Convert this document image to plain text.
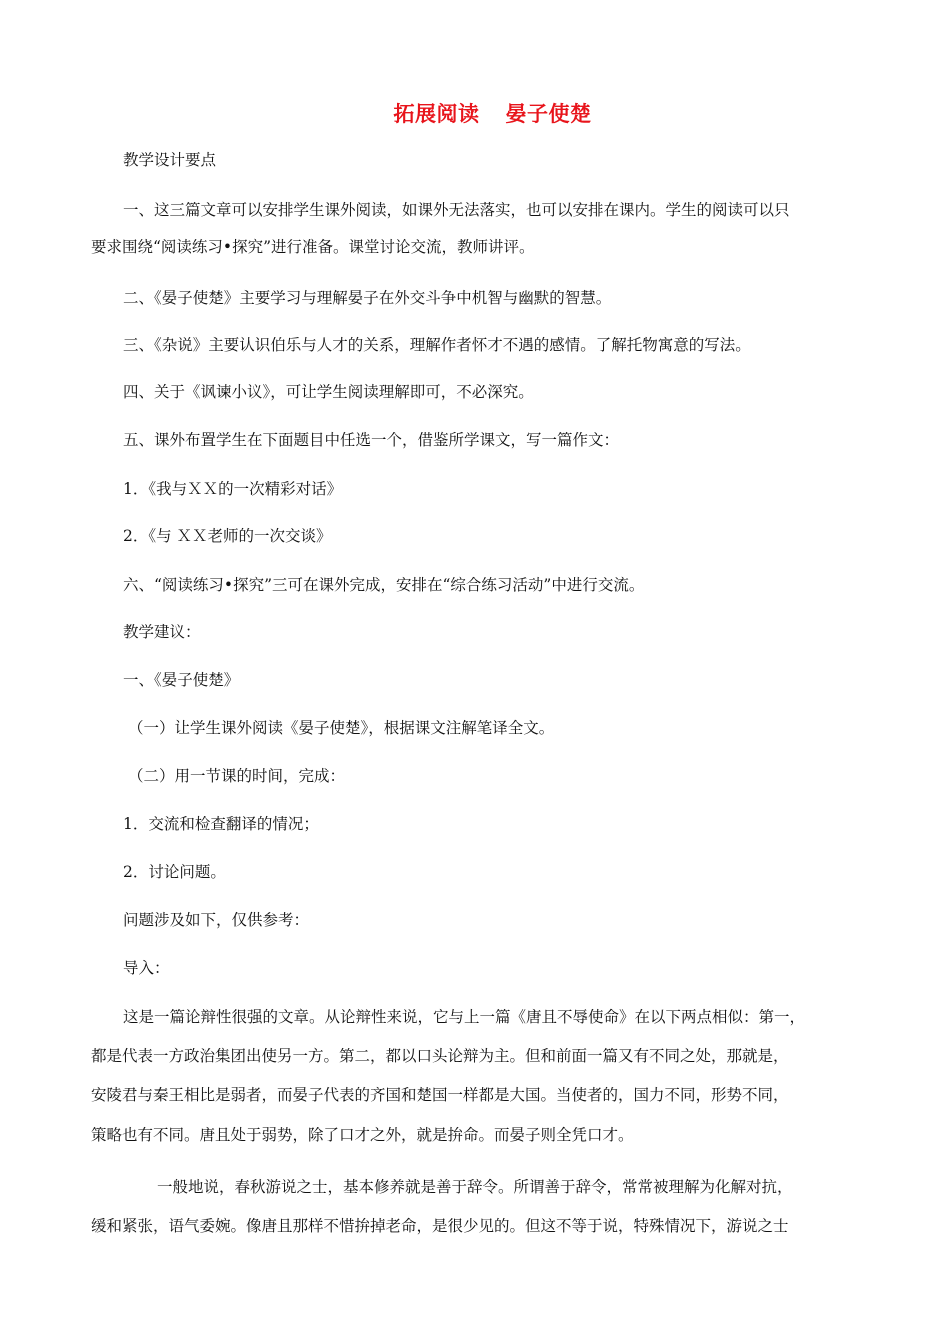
拓展阅读 晏子使楚
教学设计要点
一、这三篇文章可以安排学生课外阅读，如课外无法落实，也可以安排在课内。学生的阅读可以只
要求围绕“阅读练习•探究”进行准备。课堂讨论交流，教师讲评。
二、《晏子使楚》主要学习与理解晏子在外交斗争中机智与幽默的智慧。
三、《杂说》主要认识伯乐与人才的关系，理解作者怀才不遇的感情。了解托物寓意的写法。
四、关于《讽谏小议》，可让学生阅读理解即可，不必深究。
五、课外布置学生在下面题目中任选一个，借鉴所学课文，写一篇作文：
1．《我与ＸＸ的一次精彩对话》
2．《与 ＸＸ老师的一次交谈》
六、“阅读练习•探究”三可在课外完成，安排在“综合练习活动”中进行交流。
教学建议：
一、《晏子使楚》
（一）让学生课外阅读《晏子使楚》，根据课文注解笔译全文。
（二）用一节课的时间，完成：
1．交流和检查翻译的情况；
2．讨论问题。
问题涉及如下，仅供参考：
导入：
这是一篇论辩性很强的文章。从论辩性来说，它与上一篇《唐且不辱使命》在以下两点相似：第一，
都是代表一方政治集团出使另一方。第二，都以口头论辩为主。但和前面一篇又有不同之处，那就是，
安陵君与秦王相比是弱者，而晏子代表的齐国和楚国一样都是大国。当使者的，国力不同，形势不同，
策略也有不同。唐且处于弱势，除了口才之外，就是拚命。而晏子则全凭口才。
一般地说，春秋游说之士，基本修养就是善于辞令。所谓善于辞令，常常被理解为化解对抗，
缓和紧张，语气委婉。像唐且那样不惜拚掉老命，是很少见的。但这不等于说，特殊情况下，游说之士
